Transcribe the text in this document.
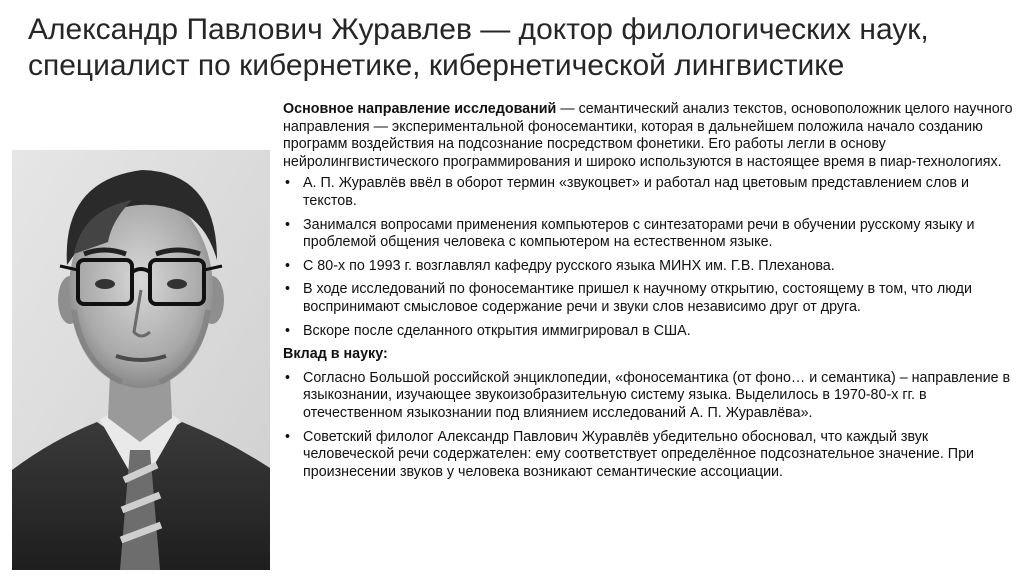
Александр Павлович Журавлев — доктор филологических наук,
специалист по кибернетике, кибернетической лингвистике

Основное направление исследований — семантический анализ текстов, основоположник целого научного направления — экспериментальной фоносемантики, которая в дальнейшем положила начало созданию программ воздействия на подсознание посредством фонетики. Его работы легли в основу нейролингвистического программирования и широко используются в настоящее время в пиар-технологиях.

• А. П. Журавлёв ввёл в оборот термин «звукоцвет» и работал над цветовым представлением слов и текстов.
• Занимался вопросами применения компьютеров с синтезаторами речи в обучении русскому языку и проблемой общения человека с компьютером на естественном языке.
• С 80-х по 1993 г. возглавлял кафедру русского языка МИНХ им. Г.В. Плеханова.
• В ходе исследований по фоносемантике пришел к научному открытию, состоящему в том, что люди воспринимают смысловое содержание речи и звуки слов независимо друг от друга.
• Вскоре после сделанного открытия иммигрировал в США.
Вклад в науку:
• Согласно Большой российской энциклопедии, «фоносемантика (от фоно… и семантика) – направление в языкознании, изучающее звукоизобразительную систему языка. Выделилось в 1970-80-х гг. в отечественном языкознании под влиянием исследований А. П. Журавлёва».
• Советский филолог Александр Павлович Журавлёв убедительно обосновал, что каждый звук человеческой речи содержателен: ему соответствует определённое подсознательное значение. При произнесении звуков у человека возникают семантические ассоциации.
